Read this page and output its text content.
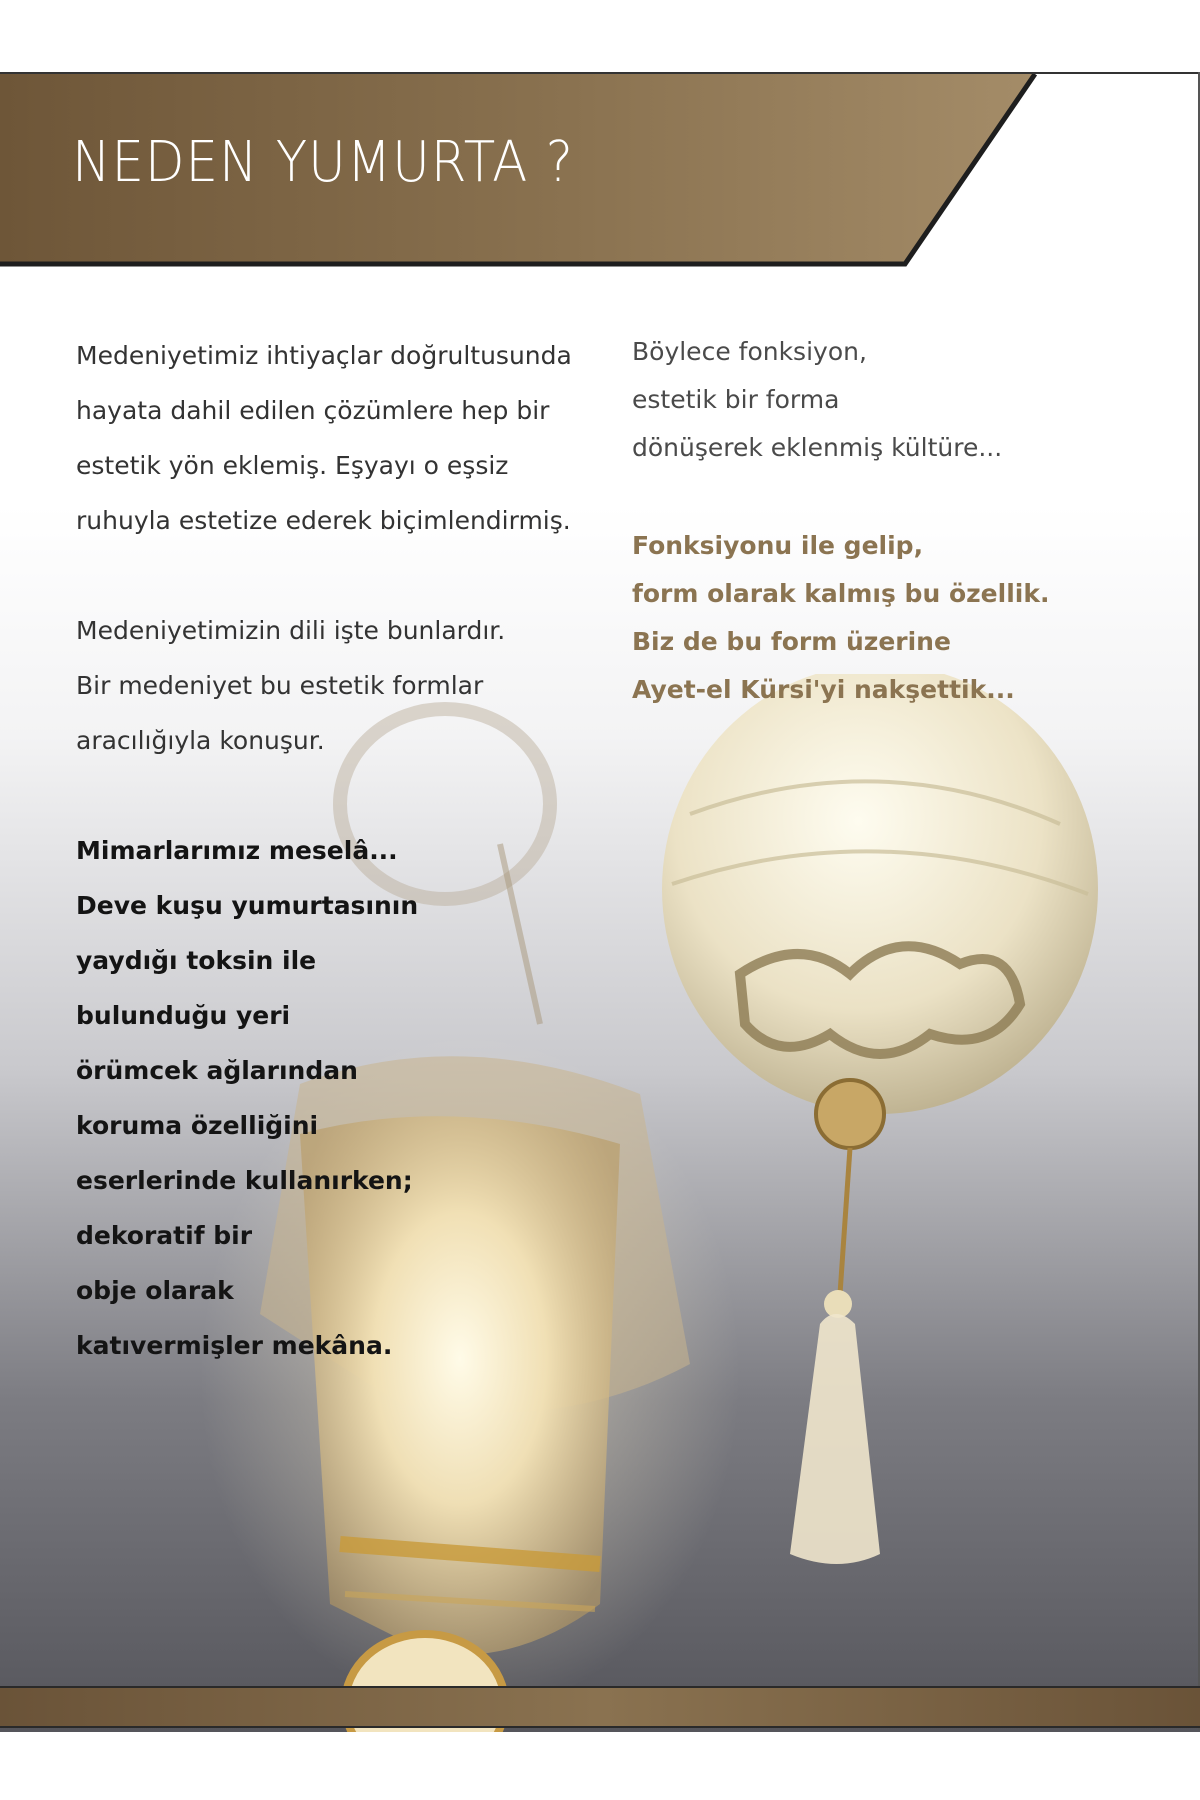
NEDEN YUMURTA ?

Medeniyetimiz ihtiyaçlar doğrultusunda

hayata dahil edilen çözümlere hep bir

estetik yön eklemiş. Eşyayı o eşsiz

ruhuyla estetize ederek biçimlendirmiş.

Medeniyetimizin dili işte bunlardır.

Bir medeniyet bu estetik formlar

aracılığıyla konuşur.

Mimarlarımız meselâ...

Deve kuşu yumurtasının

yaydığı toksin ile

bulunduğu yeri

örümcek ağlarından

koruma özelliğini

eserlerinde kullanırken;

dekoratif bir

obje olarak

katıvermişler mekâna.

Böylece fonksiyon,

estetik bir forma

dönüşerek eklenmiş kültüre...

Fonksiyonu ile gelip,

form olarak kalmış bu özellik.

Biz de bu form üzerine

Ayet-el Kürsi'yi nakşettik...
